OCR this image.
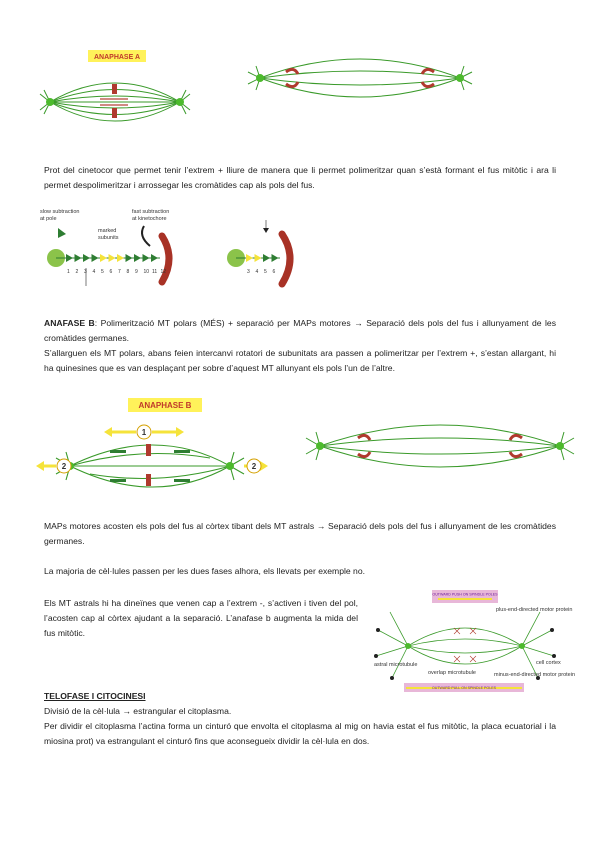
ANAPHASE A
Prot del cinetocor que permet tenir l’extrem + lliure de manera que li permet polimeritzar quan s’està formant el fus mitòtic i ara li permet despolimeritzar i arrossegar les cromàtides cap als pols del fus.
slow subtraction
at pole
marked
subunits
fast subtraction
at kinetochore
1 2 3 4 5 6 7 8 9 10 11 12	3 4 5 6
ANAFASE B: Polimerització MT polars (MÉS) + separació per MAPs motores → Separació dels pols del fus i allunyament de les cromàtides germanes.
S’allarguen els MT polars, abans feien intercanvi rotatori de subunitats ara passen a polimeritzar per l’extrem +, s’estan allargant, hi ha quinesines que es van desplaçant per sobre d’aquest MT allunyant els pols l’un de l’altre.
ANAPHASE B
1
2	2
MAPs motores acosten els pols del fus al còrtex tibant dels MT astrals → Separació dels pols del fus i allunyament de les cromàtides germanes.
La majoria de cèl·lules passen per les dues fases alhora, els llevats per exemple no.
Els MT astrals hi ha dineïnes que venen cap a l’extrem -, s’activen i tiven del pol, l’acosten cap al còrtex ajudant a la separació. L’anafase b augmenta la mida del fus mitòtic.
OUTWARD PUSH ON SPINDLE POLES
plus-end-directed motor protein
astral microtubule
overlap microtubule
cell cortex
minus-end-directed motor protein
OUTWARD PULL ON SPINDLE POLES
TELOFASE I CITOCINESI
Divisió de la cèl·lula → estrangular el citoplasma.
Per dividir el citoplasma l’actina forma un cinturó que envolta el citoplasma al mig on havia estat el fus mitòtic, la placa ecuatorial i la miosina prot) va estrangulant el cinturó fins que aconsegueix dividir la cèl·lula en dos.
